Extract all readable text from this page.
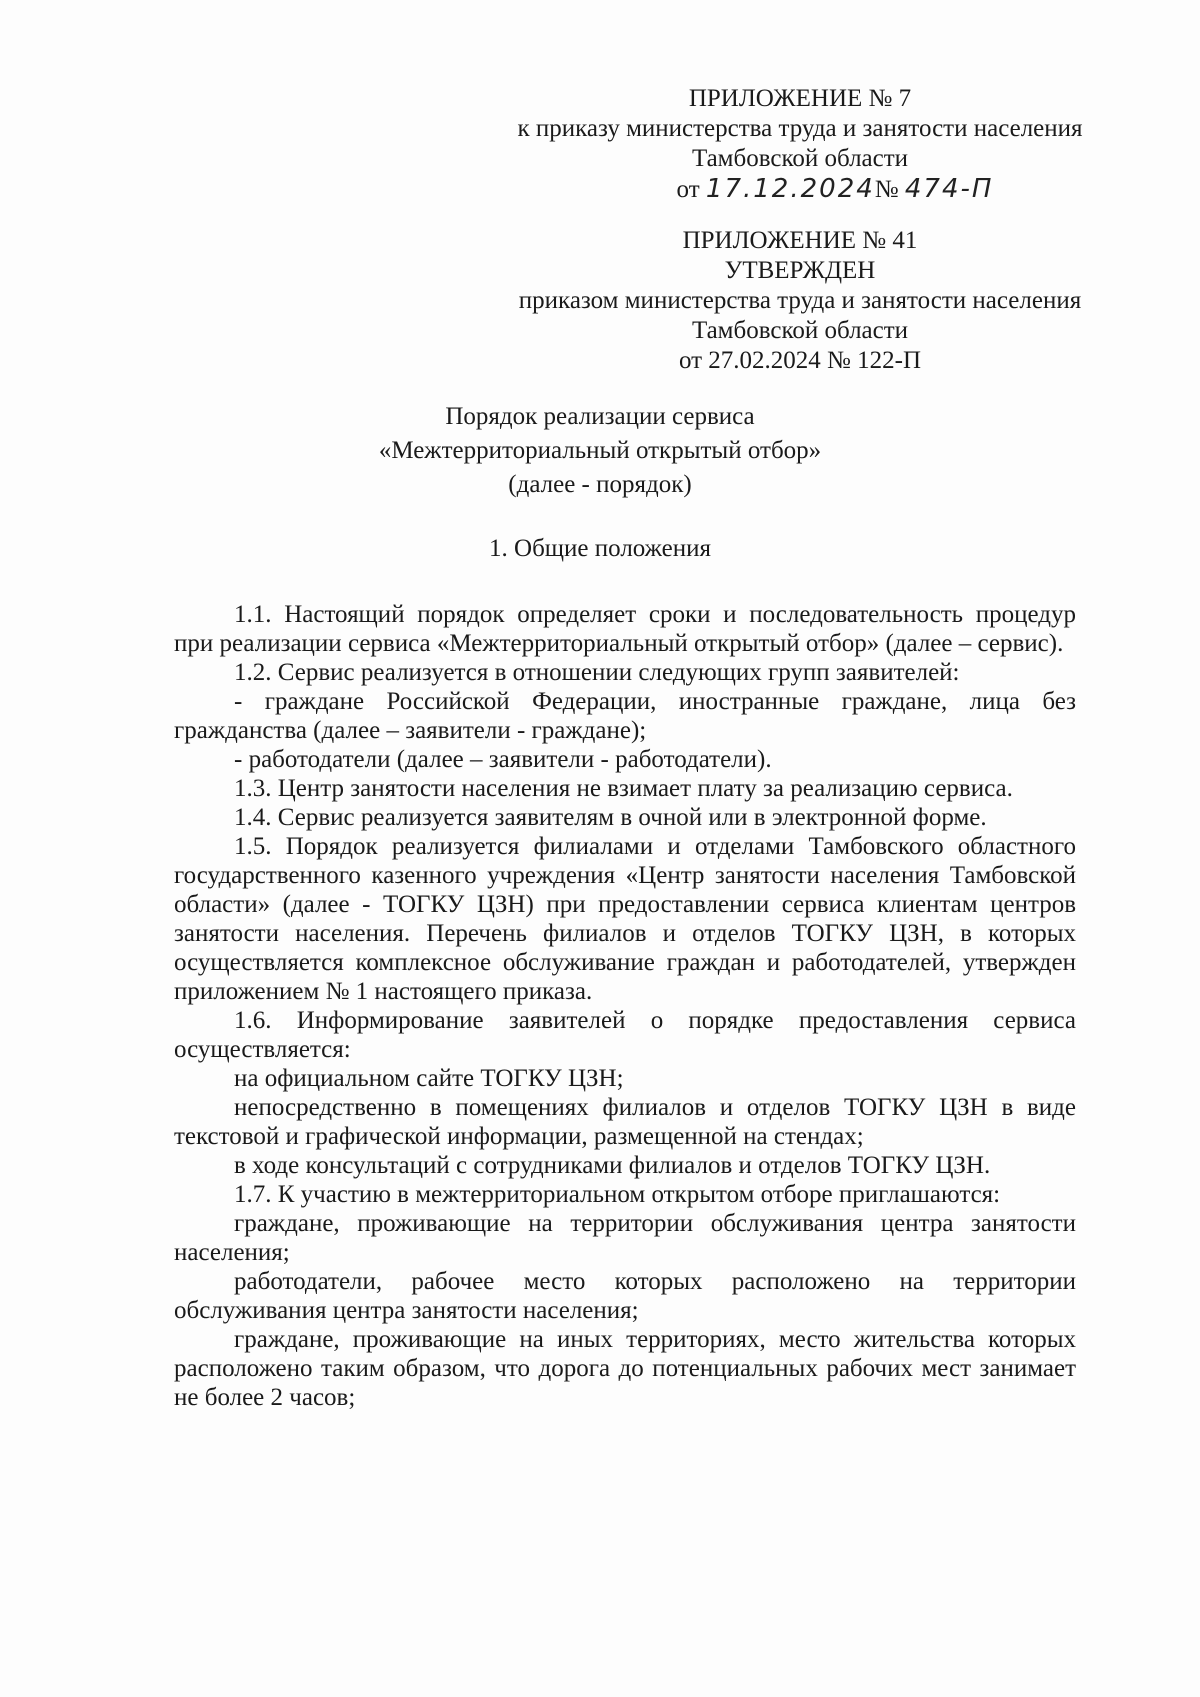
ПРИЛОЖЕНИЕ № 7
к приказу министерства труда и занятости населения
Тамбовской области
от 17.12.2024№ 474-П
ПРИЛОЖЕНИЕ № 41
УТВЕРЖДЕН
приказом министерства труда и занятости населения
Тамбовской области
от 27.02.2024 № 122-П
Порядок реализации сервиса
«Межтерриториальный открытый отбор»
(далее - порядок)
1. Общие положения

1.1. Настоящий порядок определяет сроки и последовательность процедур при реализации сервиса «Межтерриториальный открытый отбор» (далее – сервис).

1.2. Сервис реализуется в отношении следующих групп заявителей:

- граждане Российской Федерации, иностранные граждане, лица без гражданства (далее – заявители - граждане);

- работодатели (далее – заявители - работодатели).

1.3. Центр занятости населения не взимает плату за реализацию сервиса.

1.4. Сервис реализуется заявителям в очной или в электронной форме.

1.5. Порядок реализуется филиалами и отделами Тамбовского областного государственного казенного учреждения «Центр занятости населения Тамбовской области» (далее - ТОГКУ ЦЗН) при предоставлении сервиса клиентам центров занятости населения. Перечень филиалов и отделов ТОГКУ ЦЗН, в которых осуществляется комплексное обслуживание граждан и работодателей, утвержден приложением № 1 настоящего приказа.

1.6. Информирование заявителей о порядке предоставления сервиса осуществляется:

на официальном сайте ТОГКУ ЦЗН;

непосредственно в помещениях филиалов и отделов ТОГКУ ЦЗН в виде текстовой и графической информации, размещенной на стендах;

в ходе консультаций с сотрудниками филиалов и отделов ТОГКУ ЦЗН.

1.7. К участию в межтерриториальном открытом отборе приглашаются:

граждане, проживающие на территории обслуживания центра занятости населения;

работодатели, рабочее место которых расположено на территории обслуживания центра занятости населения;

граждане, проживающие на иных территориях, место жительства которых расположено таким образом, что дорога до потенциальных рабочих мест занимает не более 2 часов;
